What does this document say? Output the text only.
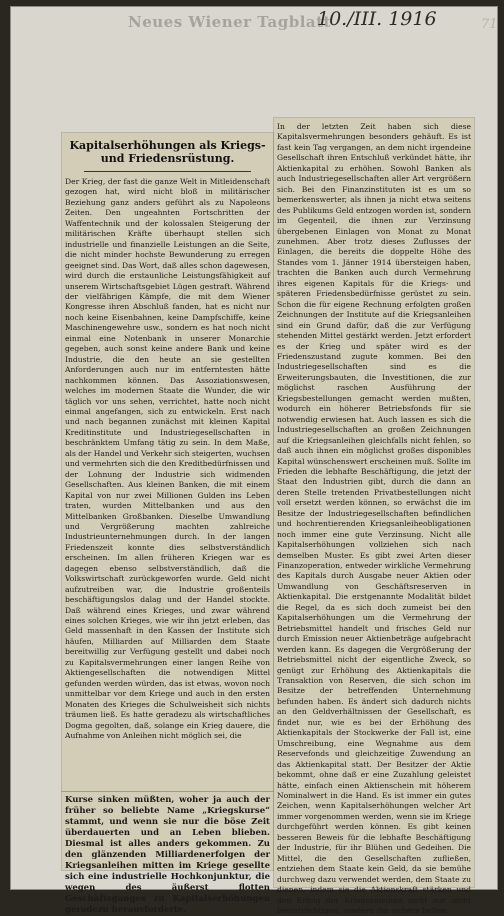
Neues Wiener Tagblatt
10./III. 1916	71
Kapitalserhöhungen als Kriegs- und Friedensrüstung.

Der Krieg, der fast die ganze Welt in Mitleidenschaft gezogen hat, wird nicht bloß in militärischer Beziehung ganz anders geführt als zu Napoleons Zeiten. Den ungeahnten Fortschritten der Waffentechnik und der kolossalen Steigerung der militärischen Kräfte überhaupt stellen sich industrielle und finanzielle Leistungen an die Seite, die nicht minder hochste Bewunderung zu erregen geeignet sind. Das Wort, daß alles schon dagewesen, wird durch die erstaunliche Leistungsfähigkeit auf unserem Wirtschaftsgebiet Lügen gestraft. Während der vielfährigen Kämpfe, die mit dem Wiener Kongresse ihren Abschluß fanden, hat es nicht nur noch keine Eisenbahnen, keine Dampfschiffe, keine Maschinengewehre usw., sondern es hat noch nicht einmal eine Notenbank in unserer Monarchie gegeben, auch sonst keine andere Bank und keine Industrie, die den heute an sie gestellten Anforderungen auch nur im entferntesten hätte nachkommen können. Das Assoziationswesen, welches im modernen Staate die Wunder, die wir täglich vor uns sehen, verrichtet, hatte noch nicht einmal angefangen, sich zu entwickeln. Erst nach und nach begannen zunächst mit kleinen Kapital Kreditinstitute und Industriegesellschaften in beschränktem Umfang tätig zu sein. In dem Maße, als der Handel und Verkehr sich steigerten, wuchsen und vermehrten sich die den Kreditbedürfnissen und der Lohnung der Industrie sich widmenden Gesellschaften. Aus kleinen Banken, die mit einem Kapital von nur zwei Millionen Gulden ins Leben traten, wurden Mittelbanken und aus den Mittelbanken Großbanken. Dieselbe Umwandlung und Vergrößerung machten zahlreiche Industrieunternehmungen durch. In der langen Friedenszeit konnte dies selbstverständlich erscheinen. Im allen früheren Kriegen war es dagegen ebenso selbstverständlich, daß die Volkswirtschaft zurückgeworfen wurde. Geld nicht aufzutreiben war, die Industrie großenteils beschäftigungslos dalag und der Handel stockte. Daß während eines Krieges, und zwar während eines solchen Krieges, wie wir ihn jetzt erleben, das Geld massenhaft in den Kassen der Institute sich häufen, Milliarden auf Milliarden dem Staate bereitwillig zur Verfügung gestellt und dabei noch zu Kapitalsvermehrungen einer langen Reihe von Aktiengesellschaften die notwendigen Mittel gefunden werden würden, das ist etwas, wovon noch unmittelbar vor dem Kriege und auch in den ersten Monaten des Krieges die Schulweisheit sich nichts träumen ließ. Es hatte geradezu als wirtschaftliches Dogma gegolten, daß, solange ein Krieg dauere, die Aufnahme von Anleihen nicht möglich sei, die

Kurse sinken müßten, woher ja auch der früher so beliebte Name „Kriegskurse“ stammt, und wenn sie nur die böse Zeit überdauerten und an Leben blieben. Diesmal ist alles anders gekommen. Zu den glänzenden Milliardenerfolgen der Kriegsanleihen mitten im Kriege gesellte sich eine industrielle Hochkonjunktur, die wegen des äußerst flotten Geschäftsganges zu Kapitalserhöhungen geradezu herausforderte.

In der letzten Zeit haben sich diese Kapitalsvermehrungen besonders gehäuft. Es ist fast kein Tag vergangen, an dem nicht irgendeine Gesellschaft ihren Entschluß verkündet hätte, ihr Aktienkapital zu erhöhen. Sowohl Banken als auch Industriegesellschaften aller Art vergrößern sich. Bei den Finanzinstituten ist es um so bemerkenswerter, als ihnen ja nicht etwa seitens des Publikums Geld entzogen worden ist, sondern im Gegenteil, die ihnen zur Verzinsung übergebenen Einlagen von Monat zu Monat zunehmen. Aber trotz dieses Zuflusses der Einlagen, die bereits die doppelte Höhe des Standes vom 1. Jänner 1914 übersteigen haben, trachten die Banken auch durch Vermehrung ihres eigenen Kapitals für die Kriegs- und späteren Friedensbedürfnisse gerüstet zu sein. Schon die für eigene Rechnung erfolgten großen Zeichnungen der Institute auf die Kriegsanleihen sind ein Grund dafür, daß die zur Verfügung stehenden Mittel gestärkt werden. Jetzt erfordert es der Krieg und später wird es der Friedenszustand zugute kommen. Bei den Industriegesellschaften sind es die Erweiterungsbauten, die Investitionen, die zur möglichst raschen Ausführung der Kriegsbestellungen gemacht werden mußten, wodurch ein höherer Betriebsfonds für sie notwendig erwiesen hat. Auch lassen es sich die Industriegesellschaften an großen Zeichnungen auf die Kriegsanleihen gleichfalls nicht fehlen, so daß auch ihnen ein möglichst großes disponibles Kapital wünschenswert erscheinen muß. Sollte im Frieden die lebhafte Beschäftigung, die jetzt der Staat den Industrien gibt, durch die dann an deren Stelle tretenden Privatbestellungen nicht voll ersetzt werden können, so erwächst die im Besitze der Industriegesellschaften befindlichen und hochrentierenden Kriegsanleiheobligationen noch immer eine gute Verzinsung. Nicht alle Kapitalserhöhungen vollziehen sich nach demselben Muster. Es gibt zwei Arten dieser Finanzoperation, entweder wirkliche Vermehrung des Kapitals durch Ausgabe neuer Aktien oder Umwandlung von Geschäftsreserven in Aktienkapital. Die erstgenannte Modalität bildet die Regel, da es sich doch zumeist bei den Kapitalserhöhungen um die Vermehrung der Betriebsmittel handelt und frisches Geld nur durch Emission neuer Aktienbeträge aufgebracht werden kann. Es dagegen die Vergrößerung der Betriebsmittel nicht der eigentliche Zweck, so genügt zur Erhöhung des Aktienkapitals die Transaktion von Reserven, die sich schon im Besitze der betreffenden Unternehmung befunden haben. Es ändert sich dadurch nichts an den Geldverhältnissen der Gesellschaft, es findet nur, wie es bei der Erhöhung des Aktienkapitals der Stockwerke der Fall ist, eine Umschreibung, eine Wegnahme aus dem Reservefonds und gleichzeitige Zuwendung an das Aktienkapital statt. Der Besitzer der Aktie bekommt, ohne daß er eine Zuzahlung geleistet hätte, einfach einen Aktienschein mit höherem Nominalwert in die Hand. Es ist immer ein gutes Zeichen, wenn Kapitalserhöhungen welcher Art immer vorgenommen werden, wenn sie im Kriege durchgeführt werden können. Es gibt keinen besseren Beweis für die lebhafte Beschäftigung der Industrie, für ihr Blühen und Gedeihen. Die Mittel, die den Gesellschaften zufließen, entziehen dem Staate kein Geld, da sie bemühe durchweg dazu verwendet werden, dem Staate zu dienen, indem sie die Aktionskraft stärken und den Erfolg der Kriegsanleihen nicht nur nicht beeinträchtigen, sondern ihn sichern helfen.
